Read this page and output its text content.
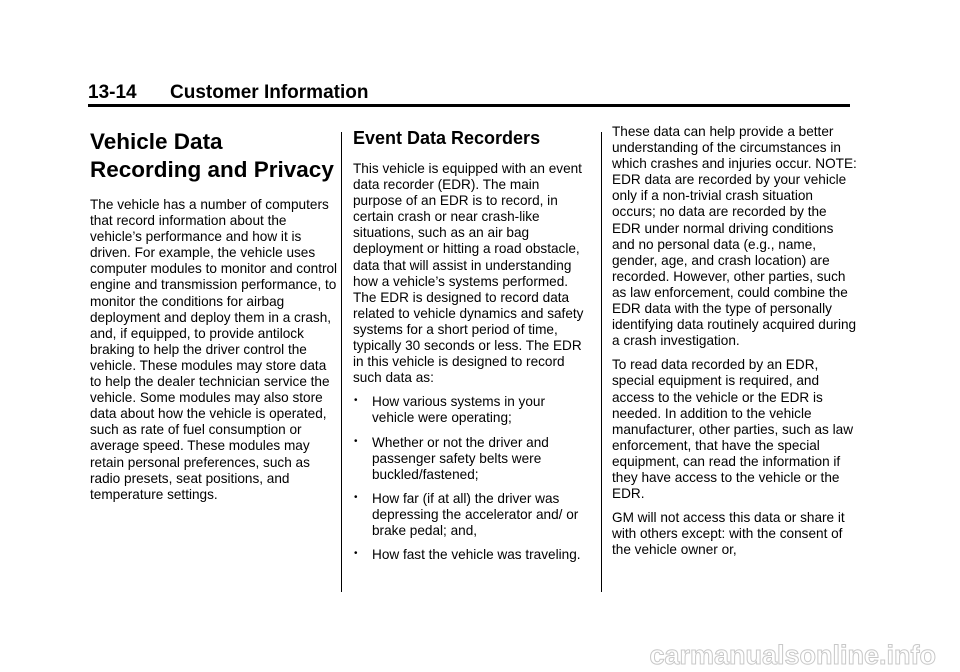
13-14 Customer Information
Vehicle Data Recording and Privacy

The vehicle has a number of computers that record information about the vehicle’s performance and how it is driven. For example, the vehicle uses computer modules to monitor and control engine and transmission performance, to monitor the conditions for airbag deployment and deploy them in a crash, and, if equipped, to provide antilock braking to help the driver control the vehicle. These modules may store data to help the dealer technician service the vehicle. Some modules may also store data about how the vehicle is operated, such as rate of fuel consumption or average speed. These modules may retain personal preferences, such as radio presets, seat positions, and temperature settings.

Event Data Recorders

This vehicle is equipped with an event data recorder (EDR). The main purpose of an EDR is to record, in certain crash or near crash-like situations, such as an air bag deployment or hitting a road obstacle, data that will assist in understanding how a vehicle’s systems performed. The EDR is designed to record data related to vehicle dynamics and safety systems for a short period of time, typically 30 seconds or less. The EDR in this vehicle is designed to record such data as:

• How various systems in your vehicle were operating;
• Whether or not the driver and passenger safety belts were buckled/fastened;
• How far (if at all) the driver was depressing the accelerator and/ or brake pedal; and,
• How fast the vehicle was traveling.

These data can help provide a better understanding of the circumstances in which crashes and injuries occur. NOTE: EDR data are recorded by your vehicle only if a non-trivial crash situation occurs; no data are recorded by the EDR under normal driving conditions and no personal data (e.g., name, gender, age, and crash location) are recorded. However, other parties, such as law enforcement, could combine the EDR data with the type of personally identifying data routinely acquired during a crash investigation.

To read data recorded by an EDR, special equipment is required, and access to the vehicle or the EDR is needed. In addition to the vehicle manufacturer, other parties, such as law enforcement, that have the special equipment, can read the information if they have access to the vehicle or the EDR.

GM will not access this data or share it with others except: with the consent of the vehicle owner or,

carmanualsonline.info
